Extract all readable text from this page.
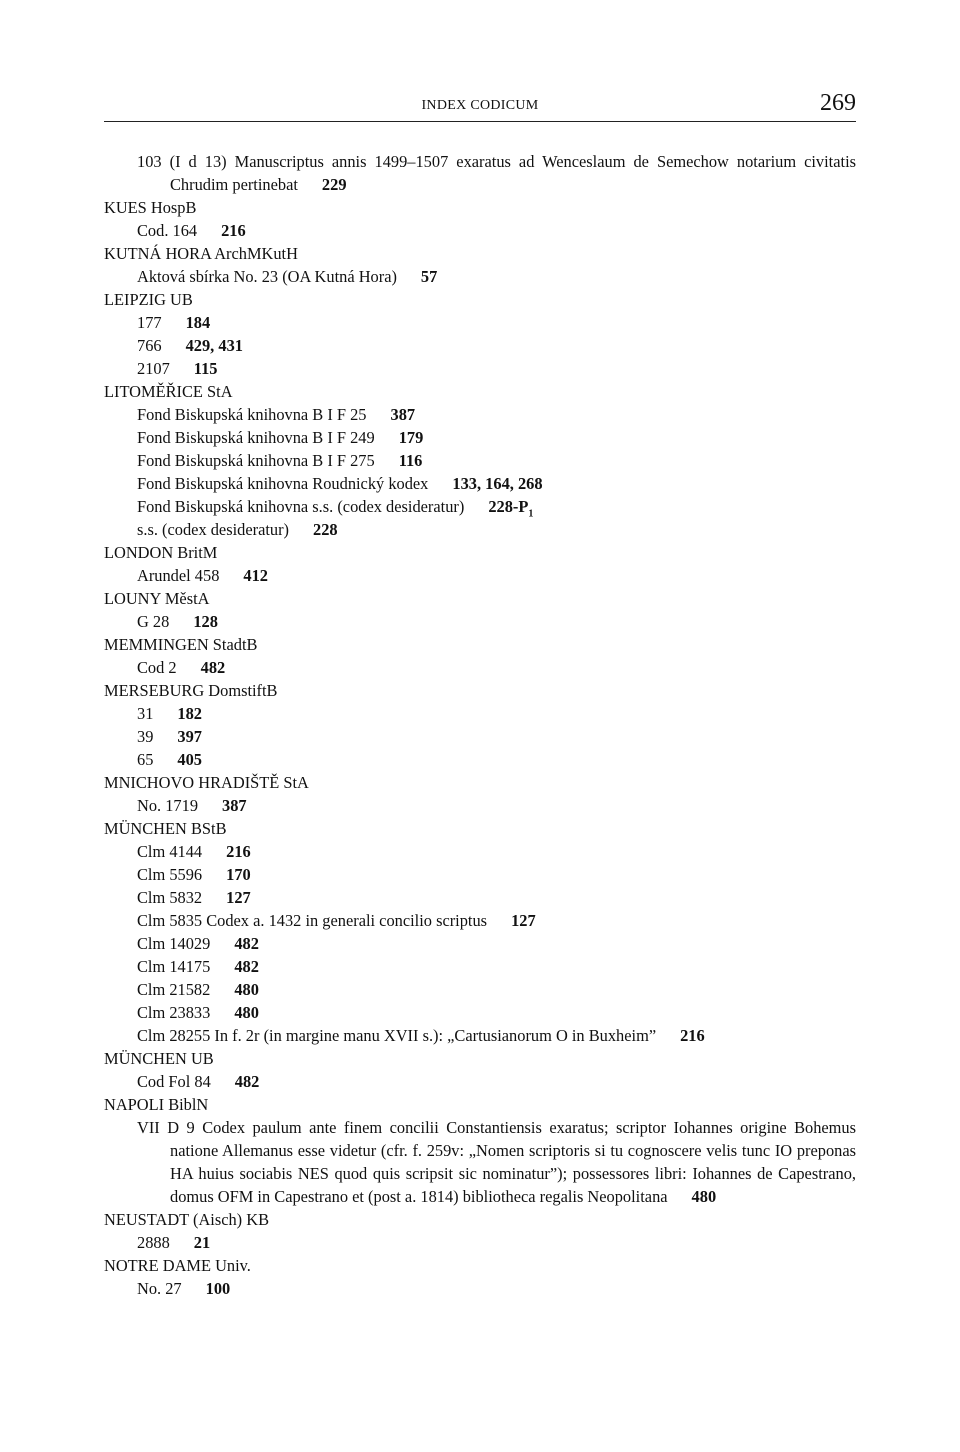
INDEX CODICUM	269
103 (I d 13) Manuscriptus annis 1499–1507 exaratus ad Wenceslaum de Semechow notarium civitatis Chrudim pertinebat 229
KUES HospB
Cod. 164 216
KUTNÁ HORA ArchMKutH
Aktová sbírka No. 23 (OA Kutná Hora) 57
LEIPZIG UB
177 184
766 429, 431
2107 115
LITOMĚŘICE StA
Fond Biskupská knihovna B I F 25 387
Fond Biskupská knihovna B I F 249 179
Fond Biskupská knihovna B I F 275 116
Fond Biskupská knihovna Roudnický kodex 133, 164, 268
Fond Biskupská knihovna s.s. (codex desideratur) $228-P_1$
s.s. (codex desideratur) 228
LONDON BritM
Arundel 458 412
LOUNY MěstA
G 28 128
MEMMINGEN StadtB
Cod 2 482
MERSEBURG DomstiftB
31 182
39 397
65 405
MNICHOVO HRADIŠTĚ StA
No. 1719 387
MÜNCHEN BStB
Clm 4144 216
Clm 5596 170
Clm 5832 127
Clm 5835 Codex a. 1432 in generali concilio scriptus 127
Clm 14029 482
Clm 14175 482
Clm 21582 480
Clm 23833 480
Clm 28255 In f. 2r (in margine manu XVII s.): „Cartusianorum O in Buxheim” 216
MÜNCHEN UB
Cod Fol 84 482
NAPOLI BiblN
VII D 9 Codex paulum ante finem concilii Constantiensis exaratus; scriptor Iohannes origine Bohemus natione Allemanus esse videtur (cfr. f. 259v: „Nomen scriptoris si tu cognoscere velis tunc IO preponas HA huius sociabis NES quod quis scripsit sic nominatur”); possessores libri: Iohannes de Capestrano, domus OFM in Capestrano et (post a. 1814) bibliotheca regalis Neopolitana 480
NEUSTADT (Aisch) KB
2888 21
NOTRE DAME Univ.
No. 27 100
